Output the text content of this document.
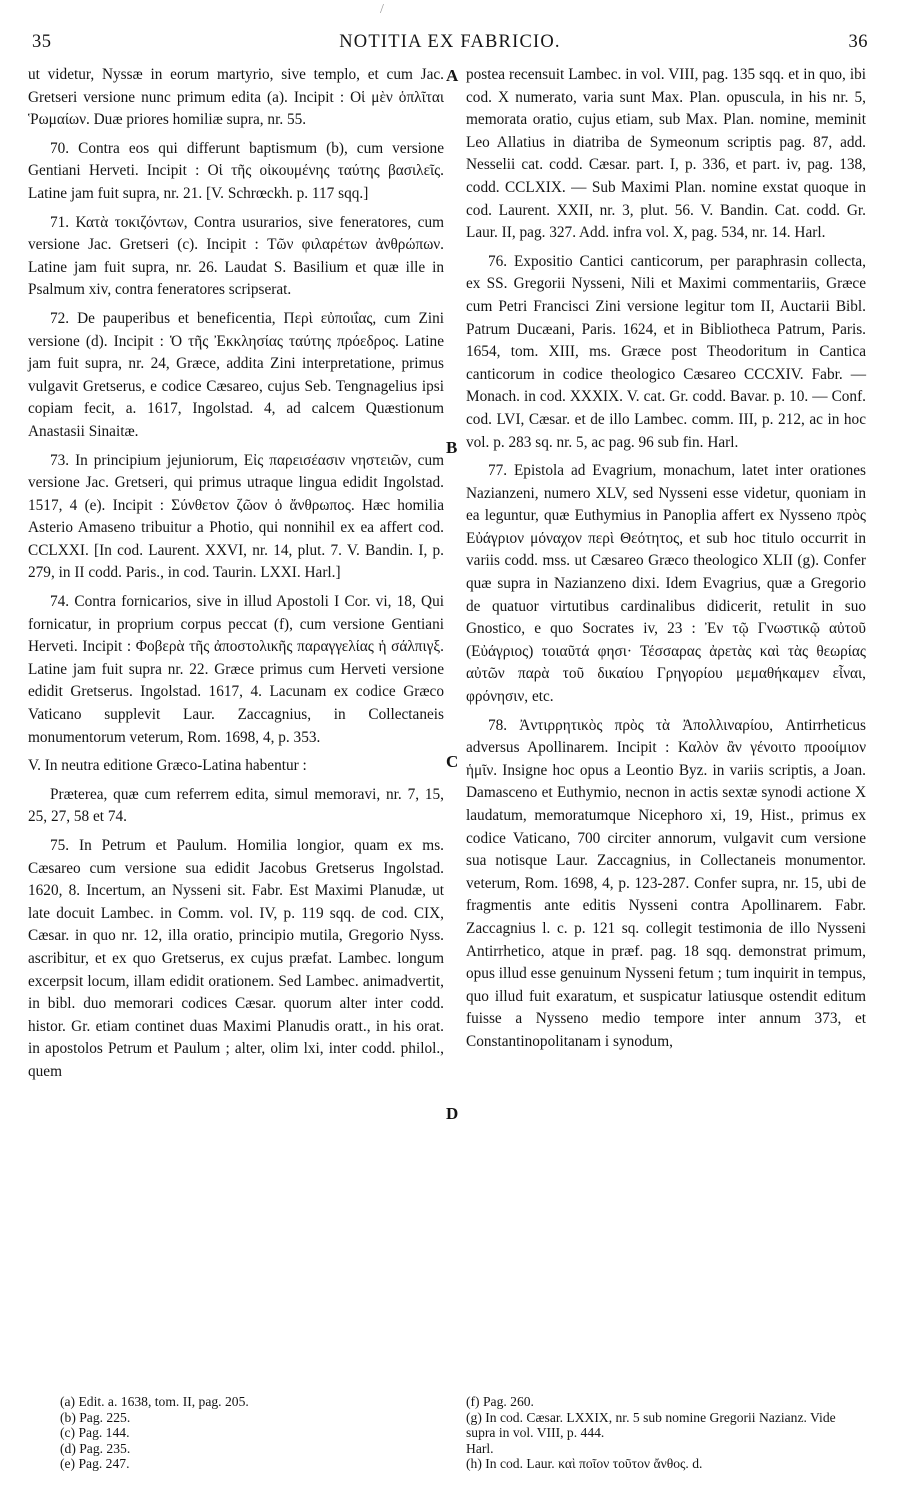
/
35	NOTITIA EX FABRICIO.	36

ut videtur, Nyssæ in eorum martyrio, sive templo, et cum Jac. Gretseri versione nunc primum edita (a). Incipit : Οἱ μὲν ὁπλῖται Ῥωμαίων. Duæ priores homiliæ supra, nr. 55.

70. Contra eos qui differunt baptismum (b), cum versione Gentiani Herveti. Incipit : Οἱ τῆς οἰκουμένης ταύτης βασιλεῖς. Latine jam fuit supra, nr. 21. [V. Schrœckh. p. 117 sqq.]

71. Κατὰ τοκιζόντων, Contra usurarios, sive feneratores, cum versione Jac. Gretseri (c). Incipit : Τῶν φιλαρέτων ἀνθρώπων. Latine jam fuit supra, nr. 26. Laudat S. Basilium et quæ ille in Psalmum xiv, contra feneratores scripserat.

72. De pauperibus et beneficentia, Περὶ εὐποιΐας, cum Zini versione (d). Incipit : Ὁ τῆς Ἐκκλησίας ταύτης πρόεδρος. Latine jam fuit supra, nr. 24, Græce, addita Zini interpretatione, primus vulgavit Gretserus, e codice Cæsareo, cujus Seb. Tengnagelius ipsi copiam fecit, a. 1617, Ingolstad. 4, ad calcem Quæstionum Anastasii Sinaitæ.

73. In principium jejuniorum, Εἰς παρεισέασιν νηστειῶν, cum versione Jac. Gretseri, qui primus utraque lingua edidit Ingolstad. 1517, 4 (e). Incipit : Σύνθετον ζῶον ὁ ἄνθρωπος. Hæc homilia Asterio Amaseno tribuitur a Photio, qui nonnihil ex ea affert cod. CCLXXI. [In cod. Laurent. XXVI, nr. 14, plut. 7. V. Bandin. I, p. 279, in II codd. Paris., in cod. Taurin. LXXI. Harl.]

74. Contra fornicarios, sive in illud Apostoli I Cor. vi, 18, Qui fornicatur, in proprium corpus peccat (f), cum versione Gentiani Herveti. Incipit : Φοβερὰ τῆς ἀποστολικῆς παραγγελίας ἡ σάλπιγξ. Latine jam fuit supra nr. 22. Græce primus cum Herveti versione edidit Gretserus. Ingolstad. 1617, 4. Lacunam ex codice Græco Vaticano supplevit Laur. Zaccagnius, in Collectaneis monumentorum veterum, Rom. 1698, 4, p. 353.

V. In neutra editione Græco-Latina habentur :

Præterea, quæ cum referrem edita, simul memoravi, nr. 7, 15, 25, 27, 58 et 74.

75. In Petrum et Paulum. Homilia longior, quam ex ms. Cæsareo cum versione sua edidit Jacobus Gretserus Ingolstad. 1620, 8. Incertum, an Nysseni sit. Fabr. Est Maximi Planudæ, ut late docuit Lambec. in Comm. vol. IV, p. 119 sqq. de cod. CIX, Cæsar. in quo nr. 12, illa oratio, principio mutila, Gregorio Nyss. ascribitur, et ex quo Gretserus, ex cujus præfat. Lambec. longum excerpsit locum, illam edidit orationem. Sed Lambec. animadvertit, in bibl. duo memorari codices Cæsar. quorum alter inter codd. histor. Gr. etiam continet duas Maximi Planudis oratt., in his orat. in apostolos Petrum et Paulum ; alter, olim lxi, inter codd. philol., quem

A
B
C
D

postea recensuit Lambec. in vol. VIII, pag. 135 sqq. et in quo, ibi cod. X numerato, varia sunt Max. Plan. opuscula, in his nr. 5, memorata oratio, cujus etiam, sub Max. Plan. nomine, meminit Leo Allatius in diatriba de Symeonum scriptis pag. 87, add. Nesselii cat. codd. Cæsar. part. I, p. 336, et part. iv, pag. 138, codd. CCLXIX. — Sub Maximi Plan. nomine exstat quoque in cod. Laurent. XXII, nr. 3, plut. 56. V. Bandin. Cat. codd. Gr. Laur. II, pag. 327. Add. infra vol. X, pag. 534, nr. 14. Harl.

76. Expositio Cantici canticorum, per paraphrasin collecta, ex SS. Gregorii Nysseni, Nili et Maximi commentariis, Græce cum Petri Francisci Zini versione legitur tom II, Auctarii Bibl. Patrum Ducæani, Paris. 1624, et in Bibliotheca Patrum, Paris. 1654, tom. XIII, ms. Græce post Theodoritum in Cantica canticorum in codice theologico Cæsareo CCCXIV. Fabr. — Monach. in cod. XXXIX. V. cat. Gr. codd. Bavar. p. 10. — Conf. cod. LVI, Cæsar. et de illo Lambec. comm. III, p. 212, ac in hoc vol. p. 283 sq. nr. 5, ac pag. 96 sub fin. Harl.

77. Epistola ad Evagrium, monachum, latet inter orationes Nazianzeni, numero XLV, sed Nysseni esse videtur, quoniam in ea leguntur, quæ Euthymius in Panoplia affert ex Nysseno πρὸς Εὐάγριον μόναχον περὶ Θεότητος, et sub hoc titulo occurrit in variis codd. mss. ut Cæsareo Græco theologico XLII (g). Confer quæ supra in Nazianzeno dixi. Idem Evagrius, quæ a Gregorio de quatuor virtutibus cardinalibus didicerit, retulit in suo Gnostico, e quo Socrates iv, 23 : Ἐν τῷ Γνωστικῷ αὐτοῦ (Εὐάγριος) τοιαῦτά φησι· Τέσσαρας ἀρετὰς καὶ τὰς θεωρίας αὐτῶν παρὰ τοῦ δικαίου Γρηγορίου μεμαθήκαμεν εἶναι, φρόνησιν, etc.

78. Ἀντιρρητικὸς πρὸς τὰ Ἀπολλιναρίου, Antirrheticus adversus Apollinarem. Incipit : Καλὸν ἂν γένοιτο προοίμιον ἡμῖν. Insigne hoc opus a Leontio Byz. in variis scriptis, a Joan. Damasceno et Euthymio, necnon in actis sextæ synodi actione X laudatum, memoratumque Nicephoro xi, 19, Hist., primus ex codice Vaticano, 700 circiter annorum, vulgavit cum versione sua notisque Laur. Zaccagnius, in Collectaneis monumentor. veterum, Rom. 1698, 4, p. 123-287. Confer supra, nr. 15, ubi de fragmentis ante editis Nysseni contra Apollinarem. Fabr. Zaccagnius l. c. p. 121 sq. collegit testimonia de illo Nysseni Antirrhetico, atque in præf. pag. 18 sqq. demonstrat primum, opus illud esse genuinum Nysseni fetum ; tum inquirit in tempus, quo illud fuit exaratum, et suspicatur latiusque ostendit editum fuisse a Nysseno medio tempore inter annum 373, et Constantinopolitanam i synodum,

(a) Edit. a. 1638, tom. II, pag. 205.
(b) Pag. 225.
(c) Pag. 144.
(d) Pag. 235.
(e) Pag. 247.
(f) Pag. 260.
(g) In cod. Cæsar. LXXIX, nr. 5 sub nomine Gregorii Nazianz. Vide supra in vol. VIII, p. 444.
Harl.
(h) In cod. Laur. καὶ ποῖον τοῦτον ἄνθος. d.
